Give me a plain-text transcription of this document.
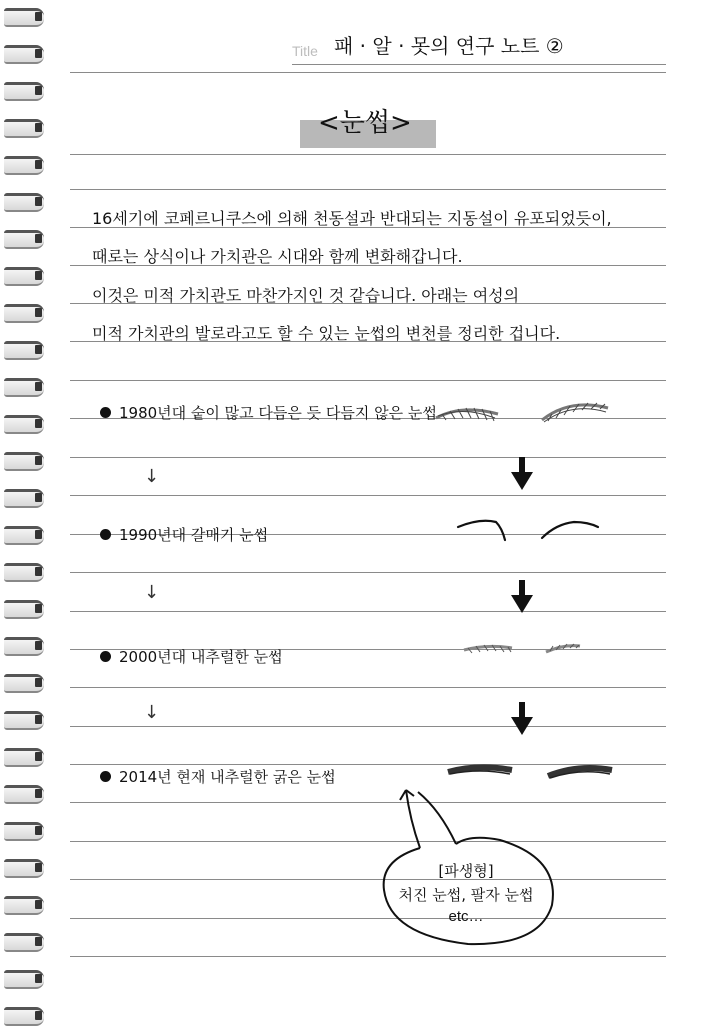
Title 패 · 알 · 못의 연구 노트 ②
<눈썹>
16세기에 코페르니쿠스에 의해 천동설과 반대되는 지동설이 유포되었듯이,
때로는 상식이나 가치관은 시대와 함께 변화해갑니다.
이것은 미적 가치관도 마찬가지인 것 같습니다. 아래는 여성의
미적 가치관의 발로라고도 할 수 있는 눈썹의 변천를 정리한 겁니다.
1980년대 숱이 많고 다듬은 듯 다듬지 않은 눈썹
↓
1990년대 갈매기 눈썹
↓
2000년대 내추럴한 눈썹
↓
2014년 현재 내추럴한 굵은 눈썹
[파생형]
처진 눈썹, 팔자 눈썹
etc…
